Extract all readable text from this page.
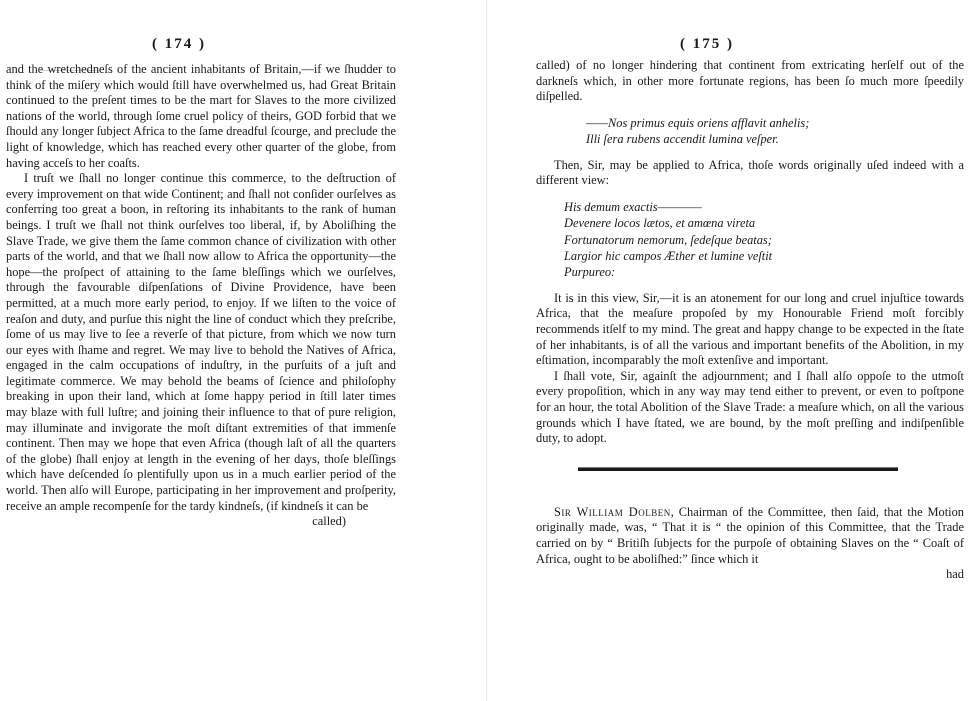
( 174 )

and the wretchedneſs of the ancient inhabitants of Britain,—if we ſhudder to think of the miſery which would ſtill have overwhelmed us, had Great Britain continued to the preſent times to be the mart for Slaves to the more civilized nations of the world, through ſome cruel policy of theirs, GOD forbid that we ſhould any longer ſubject Africa to the ſame dreadful ſcourge, and preclude the light of knowledge, which has reached every other quarter of the globe, from having acceſs to her coaſts.

I truſt we ſhall no longer continue this commerce, to the deſtruction of every improvement on that wide Continent; and ſhall not conſider ourſelves as conferring too great a boon, in reſtoring its inhabitants to the rank of human beings. I truſt we ſhall not think ourſelves too liberal, if, by Aboliſhing the Slave Trade, we give them the ſame common chance of civilization with other parts of the world, and that we ſhall now allow to Africa the opportunity—the hope—the proſpect of attaining to the ſame bleſſings which we ourſelves, through the favourable diſpenſations of Divine Providence, have been permitted, at a much more early period, to enjoy. If we liſten to the voice of reaſon and duty, and purſue this night the line of conduct which they preſcribe, ſome of us may live to ſee a reverſe of that picture, from which we now turn our eyes with ſhame and regret. We may live to behold the Natives of Africa, engaged in the calm occupations of induſtry, in the purſuits of a juſt and legitimate commerce. We may behold the beams of ſcience and philoſophy breaking in upon their land, which at ſome happy period in ſtill later times may blaze with full luſtre; and joining their influence to that of pure religion, may illuminate and invigorate the moſt diſtant extremities of that immenſe continent. Then may we hope that even Africa (though laſt of all the quarters of the globe) ſhall enjoy at length in the evening of her days, thoſe bleſſings which have deſcended ſo plentifully upon us in a much earlier period of the world. Then alſo will Europe, participating in her improvement and proſperity, receive an ample recompenſe for the tardy kindneſs, (if kindneſs it can be

called)

( 175 )

called) of no longer hindering that continent from extricating herſelf out of the darkneſs which, in other more fortunate regions, has been ſo much more ſpeedily diſpelled.

——Nos primus equis oriens afflavit anhelis;
Illi ſera rubens accendit lumina veſper.

Then, Sir, may be applied to Africa, thoſe words originally uſed indeed with a different view:

His demum exactis————
Devenere locos lætos, et amœna vireta
Fortunatorum nemorum, ſedeſque beatas;
Largior hic campos Æther et lumine veſtit
Purpureo:

It is in this view, Sir,—it is an atonement for our long and cruel injuſtice towards Africa, that the meaſure propoſed by my Honourable Friend moſt forcibly recommends itſelf to my mind. The great and happy change to be expected in the ſtate of her inhabitants, is of all the various and important benefits of the Abolition, in my eſtimation, incomparably the moſt extenſive and important.

I ſhall vote, Sir, againſt the adjournment; and I ſhall alſo oppoſe to the utmoſt every propoſition, which in any way may tend either to prevent, or even to poſtpone for an hour, the total Abolition of the Slave Trade: a meaſure which, on all the various grounds which I have ſtated, we are bound, by the moſt preſſing and indiſpenſible duty, to adopt.

Sir William Dolben, Chairman of the Committee, then ſaid, that the Motion originally made, was, “ That it is “ the opinion of this Committee, that the Trade carried on by “ Britiſh ſubjects for the purpoſe of obtaining Slaves on the “ Coaſt of Africa, ought to be aboliſhed:” ſince which it

had
